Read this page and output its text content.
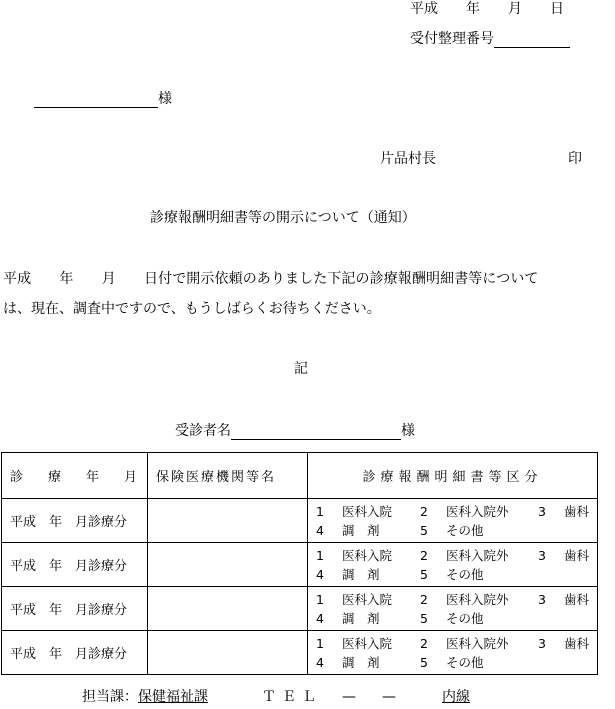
平成　　年　　月　　日
受付整理番号
様
片品村長	印
診療報酬明細書等の開示について（通知）
平成　　年　　月　　日付で開示依頼のありました下記の診療報酬明細書等について
は、現在、調査中ですので、もうしばらくお待ちください。
記
受診者名	様
診　療　年　月	保険医療機関等名	診療報酬明細書等区分
平成　年　月診療分		1 医科入院 2 医科入院外 3 歯科
4 調　剤 5 その他

平成　年　月診療分		1 医科入院 2 医科入院外 3 歯科
4 調　剤 5 その他

平成　年　月診療分		1 医科入院 2 医科入院外 3 歯科
4 調　剤 5 その他

平成　年　月診療分		1 医科入院 2 医科入院外 3 歯科
4 調　剤 5 その他
担当課：保健福祉課	ＴＥＬ — —	内線
